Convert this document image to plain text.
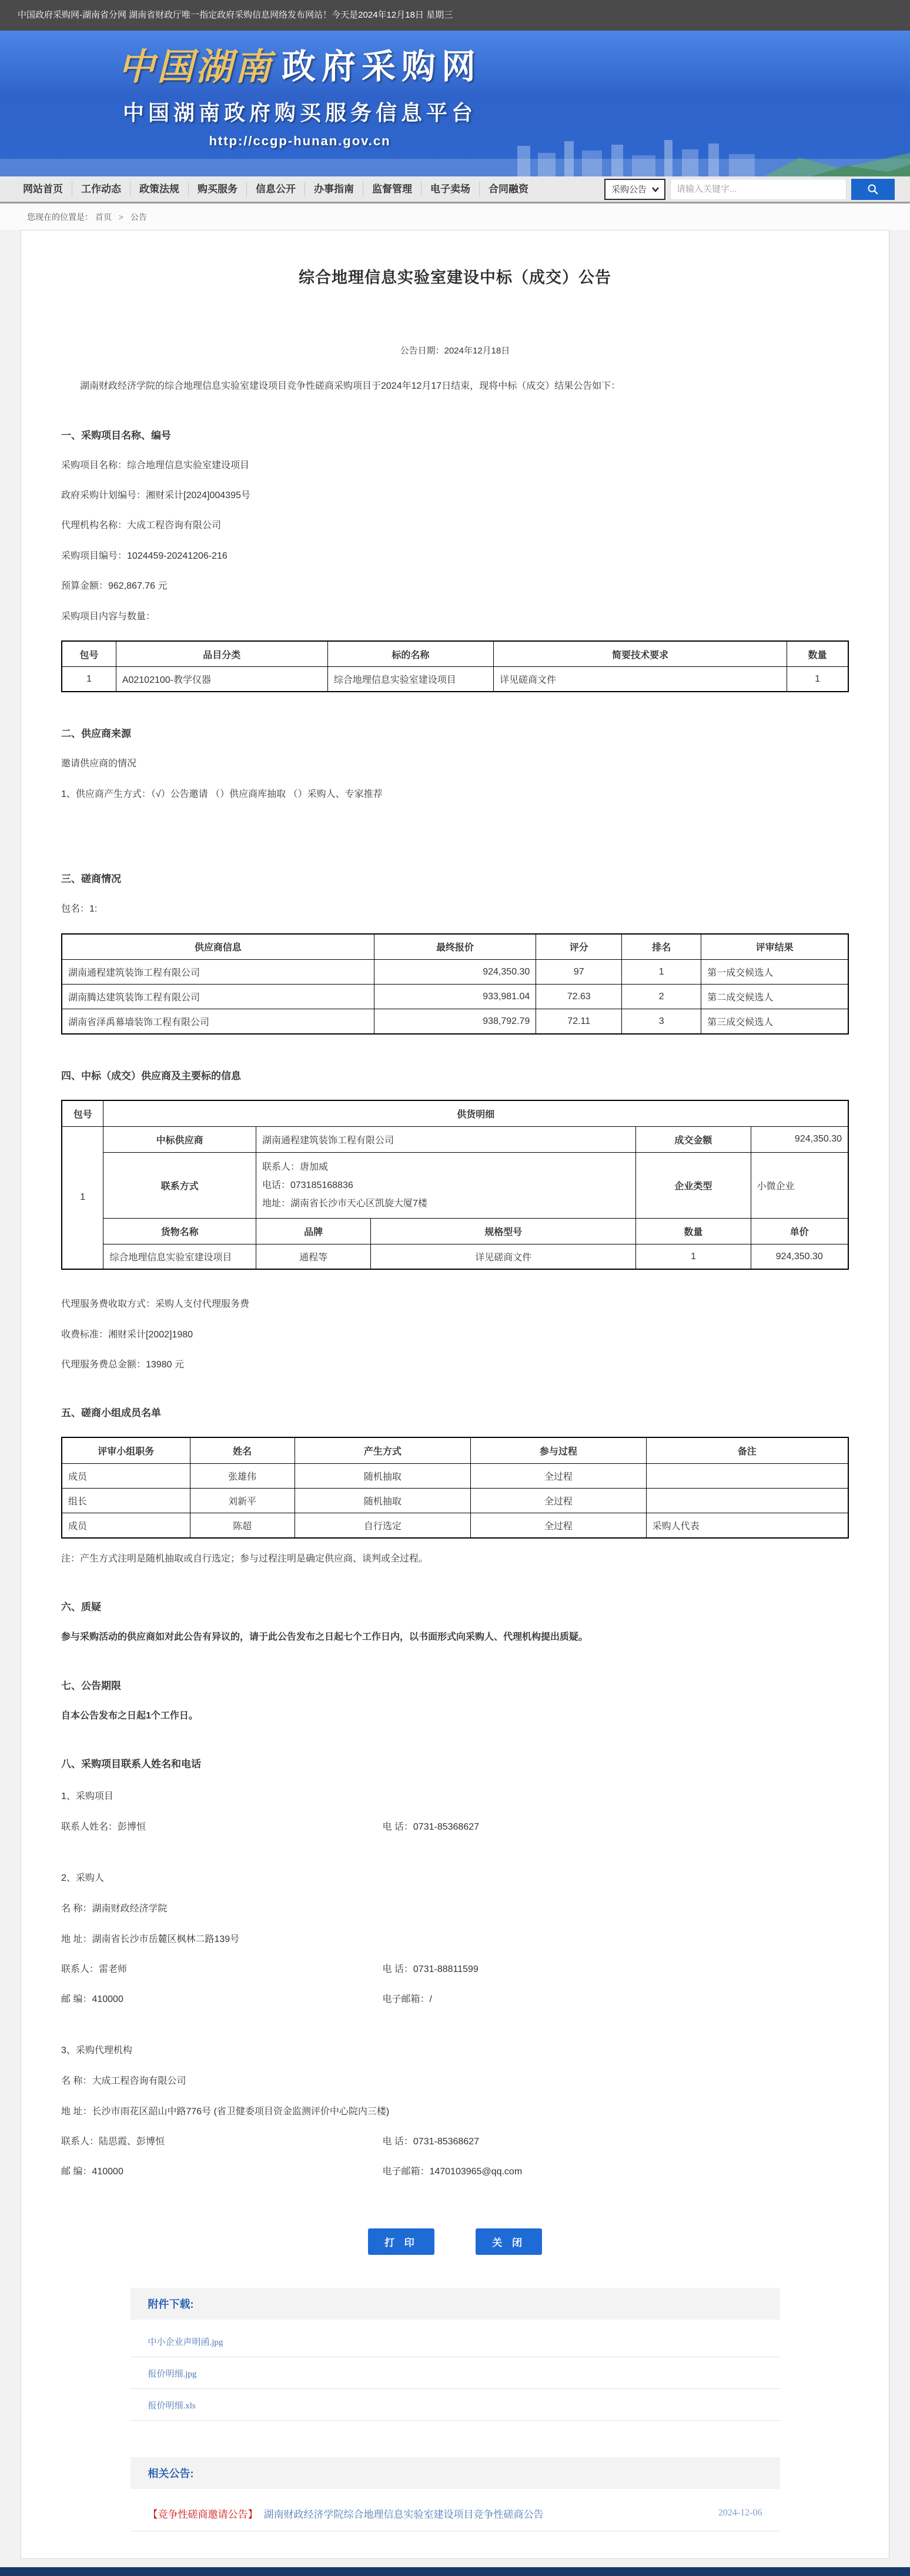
中国政府采购网-湖南省分网 湖南省财政厅唯一指定政府采购信息网络发布网站！今天是2024年12月18日 星期三
中国湖南 政府采购网
中国湖南政府购买服务信息平台
http://ccgp-hunan.gov.cn
网站首页	工作动态	政策法规	购买服务	信息公开	办事指南	监督管理	电子卖场	合同融资	采购公告
请输入关键字...
您现在的位置是： 首页 > 公告
综合地理信息实验室建设中标（成交）公告
公告日期：2024年12月18日

湖南财政经济学院的综合地理信息实验室建设项目竞争性磋商采购项目于2024年12月17日结束，现将中标（成交）结果公告如下：

一、采购项目名称、编号

采购项目名称：综合地理信息实验室建设项目

政府采购计划编号：湘财采计[2024]004395号

代理机构名称：大成工程咨询有限公司

采购项目编号：1024459-20241206-216

预算金额：962,867.76 元

采购项目内容与数量：

包号	品目分类	标的名称	简要技术要求	数量
1	A02102100-教学仪器	综合地理信息实验室建设项目	详见磋商文件	1
二、供应商来源

邀请供应商的情况

1、供应商产生方式：（√）公告邀请 （）供应商库抽取 （）采购人、专家推荐

三、磋商情况

包名：1:

供应商信息	最终报价	评分	排名	评审结果
湖南通程建筑装饰工程有限公司	924,350.30	97	1	第一成交候选人
湖南腾达建筑装饰工程有限公司	933,981.04	72.63	2	第二成交候选人
湖南省泽禹幕墙装饰工程有限公司	938,792.79	72.11	3	第三成交候选人
四、中标（成交）供应商及主要标的信息
包号	供货明细				
1	中标供应商	湖南通程建筑装饰工程有限公司		成交金额	924,350.30
	联系方式	联系人：唐加威
电话：073185168836
地址：湖南省长沙市天心区凯旋大厦7楼		企业类型	小微企业
	货物名称	品牌	规格型号	数量	单价
	综合地理信息实验室建设项目	通程等	详见磋商文件	1	924,350.30

代理服务费收取方式：采购人支付代理服务费

收费标准：湘财采计[2002]1980

代理服务费总金额：13980 元

五、磋商小组成员名单
评审小组职务	姓名	产生方式	参与过程	备注
成员	张雄伟	随机抽取	全过程	
组长	刘新平	随机抽取	全过程	
成员	陈超	自行选定	全过程	采购人代表

注：产生方式注明是随机抽取或自行选定；参与过程注明是确定供应商、谈判或全过程。

六、质疑

参与采购活动的供应商如对此公告有异议的，请于此公告发布之日起七个工作日内，以书面形式向采购人、代理机构提出质疑。

七、公告期限

自本公告发布之日起1个工作日。

八、采购项目联系人姓名和电话

1、采购项目

联系人姓名：彭博恒	电 话：0731-85368627

2、采购人

名 称：湖南财政经济学院

地 址：湖南省长沙市岳麓区枫林二路139号

联系人：雷老师	电 话：0731-88811599
邮 编：410000	电子邮箱：/

3、采购代理机构

名 称：大成工程咨询有限公司

地 址：长沙市雨花区韶山中路776号 (省卫健委项目资金监测评价中心院内三楼)

联系人：陆思霞、彭博恒	电 话：0731-85368627
邮 编：410000	电子邮箱：1470103965@qq.com
打 印	关 闭
附件下载:
中小企业声明函.jpg
报价明细.jpg
报价明细.xls
相关公告:
【竞争性磋商邀请公告】 湖南财政经济学院综合地理信息实验室建设项目竞争性磋商公告	2024-12-06
